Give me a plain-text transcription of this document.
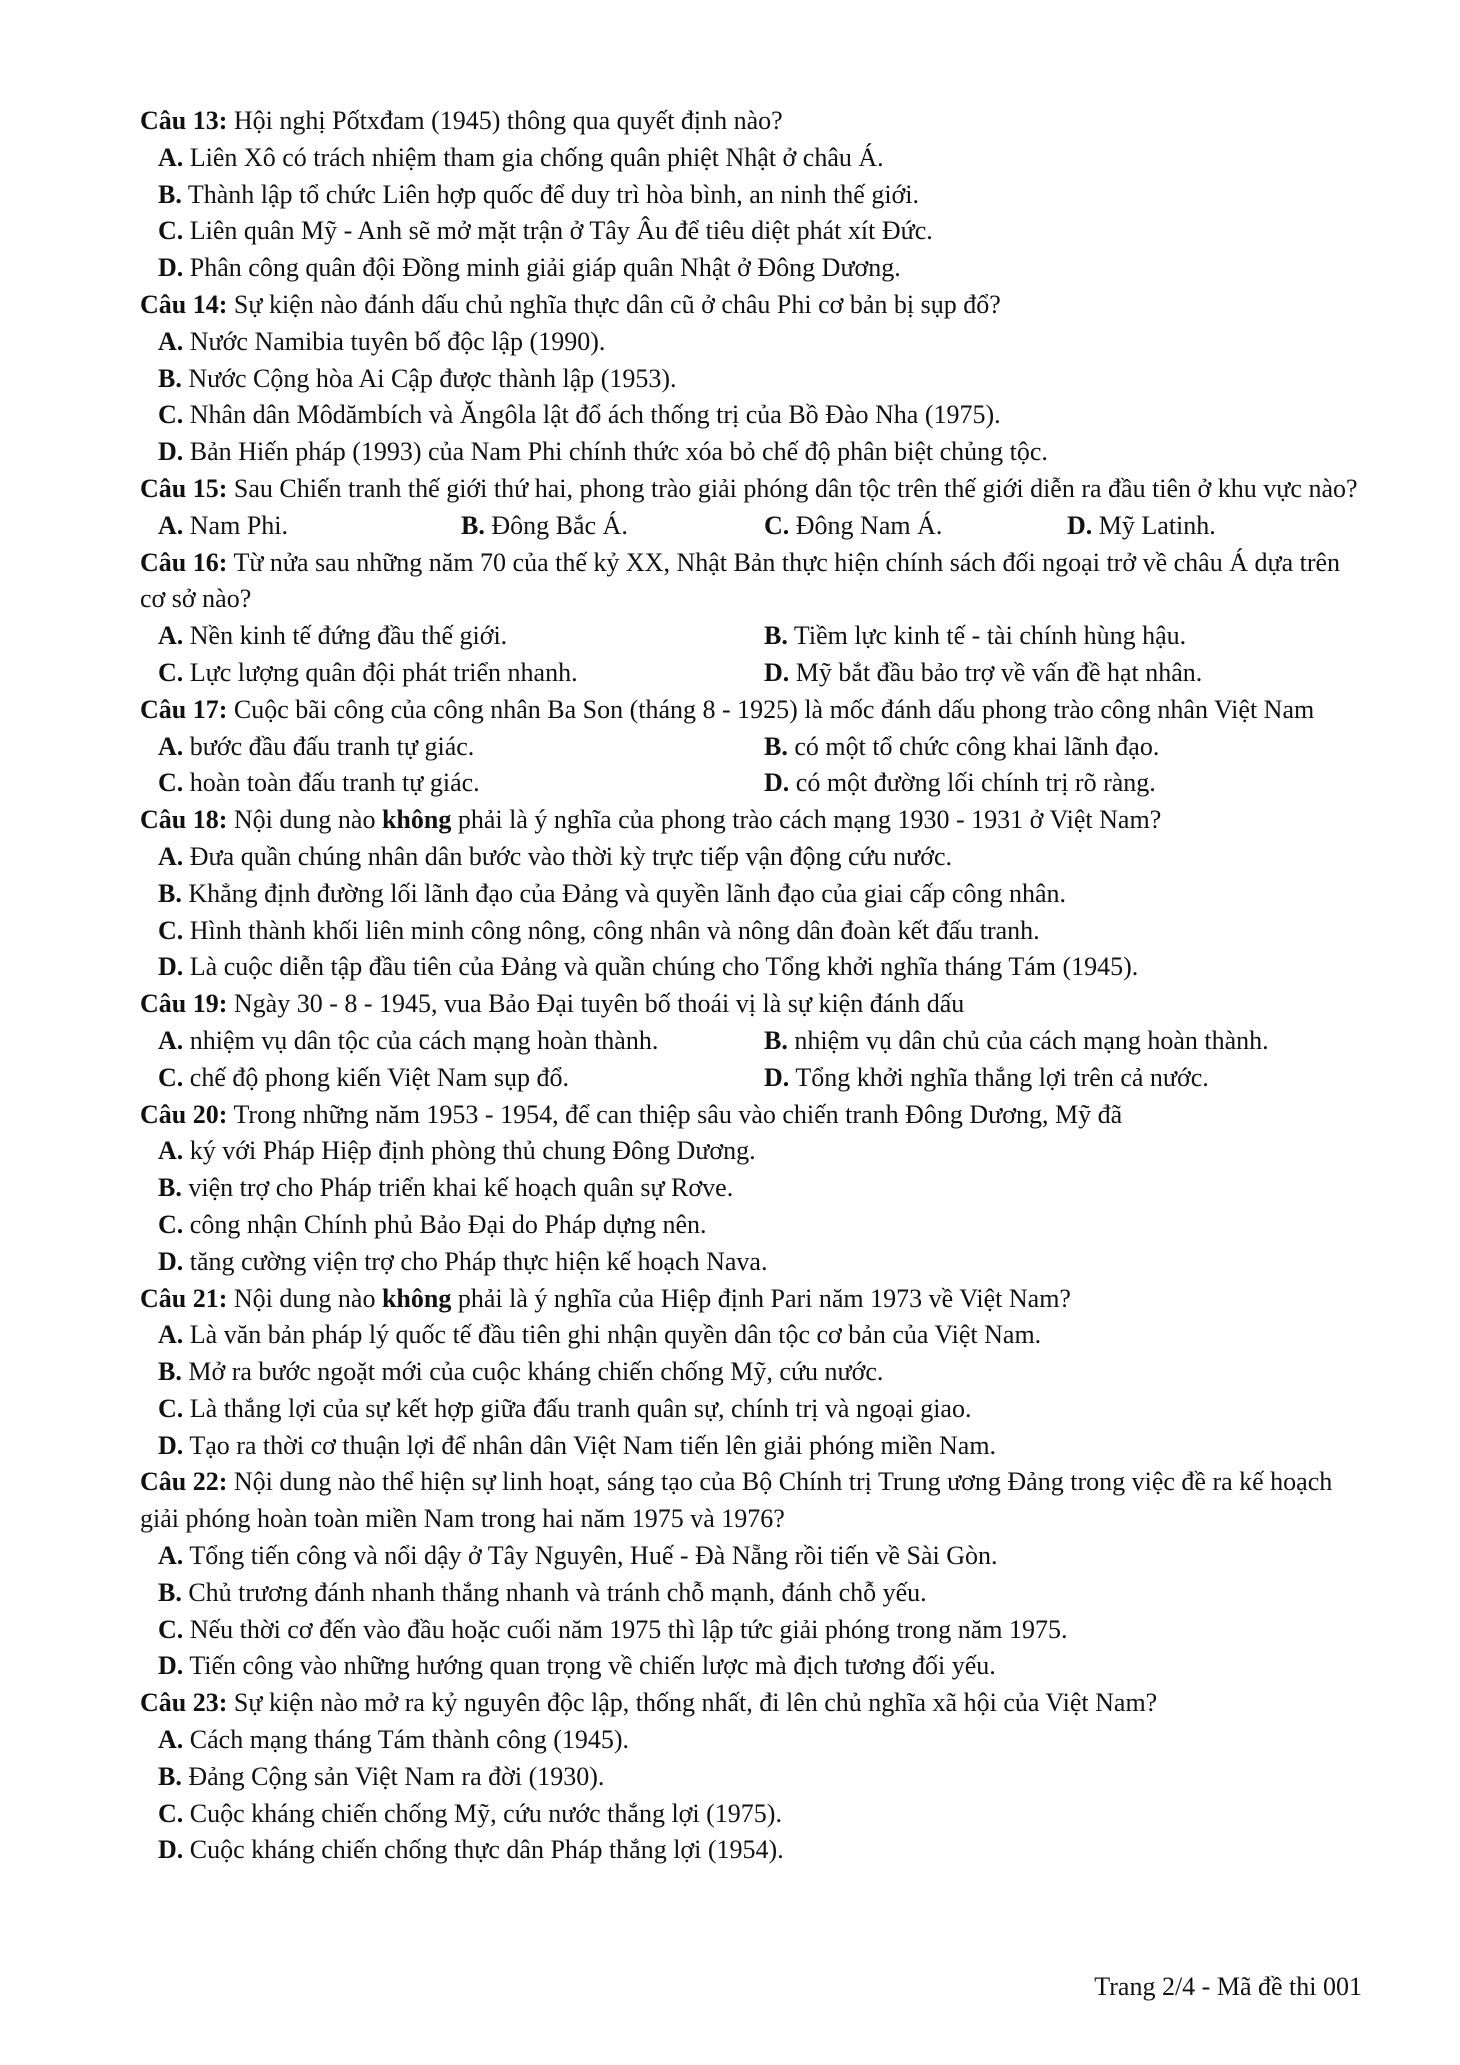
Câu 13: Hội nghị Pốtxđam (1945) thông qua quyết định nào?
A. Liên Xô có trách nhiệm tham gia chống quân phiệt Nhật ở châu Á.
B. Thành lập tổ chức Liên hợp quốc để duy trì hòa bình, an ninh thế giới.
C. Liên quân Mỹ - Anh sẽ mở mặt trận ở Tây Âu để tiêu diệt phát xít Đức.
D. Phân công quân đội Đồng minh giải giáp quân Nhật ở Đông Dương.
Câu 14: Sự kiện nào đánh dấu chủ nghĩa thực dân cũ ở châu Phi cơ bản bị sụp đổ?
A. Nước Namibia tuyên bố độc lập (1990).
B. Nước Cộng hòa Ai Cập được thành lập (1953).
C. Nhân dân Môdămbích và Ăngôla lật đổ ách thống trị của Bồ Đào Nha (1975).
D. Bản Hiến pháp (1993) của Nam Phi chính thức xóa bỏ chế độ phân biệt chủng tộc.
Câu 15: Sau Chiến tranh thế giới thứ hai, phong trào giải phóng dân tộc trên thế giới diễn ra đầu tiên ở khu vực nào?
A. Nam Phi.	B. Đông Bắc Á.	C. Đông Nam Á.	D. Mỹ Latinh.
Câu 16: Từ nửa sau những năm 70 của thế kỷ XX, Nhật Bản thực hiện chính sách đối ngoại trở về châu Á dựa trên cơ sở nào?
A. Nền kinh tế đứng đầu thế giới.	B. Tiềm lực kinh tế - tài chính hùng hậu.
C. Lực lượng quân đội phát triển nhanh.	D. Mỹ bắt đầu bảo trợ về vấn đề hạt nhân.
Câu 17: Cuộc bãi công của công nhân Ba Son (tháng 8 - 1925) là mốc đánh dấu phong trào công nhân Việt Nam
A. bước đầu đấu tranh tự giác.	B. có một tổ chức công khai lãnh đạo.
C. hoàn toàn đấu tranh tự giác.	D. có một đường lối chính trị rõ ràng.
Câu 18: Nội dung nào không phải là ý nghĩa của phong trào cách mạng 1930 - 1931 ở Việt Nam?
A. Đưa quần chúng nhân dân bước vào thời kỳ trực tiếp vận động cứu nước.
B. Khẳng định đường lối lãnh đạo của Đảng và quyền lãnh đạo của giai cấp công nhân.
C. Hình thành khối liên minh công nông, công nhân và nông dân đoàn kết đấu tranh.
D. Là cuộc diễn tập đầu tiên của Đảng và quần chúng cho Tổng khởi nghĩa tháng Tám (1945).
Câu 19: Ngày 30 - 8 - 1945, vua Bảo Đại tuyên bố thoái vị là sự kiện đánh dấu
A. nhiệm vụ dân tộc của cách mạng hoàn thành.	B. nhiệm vụ dân chủ của cách mạng hoàn thành.
C. chế độ phong kiến Việt Nam sụp đổ.	D. Tổng khởi nghĩa thắng lợi trên cả nước.
Câu 20: Trong những năm 1953 - 1954, để can thiệp sâu vào chiến tranh Đông Dương, Mỹ đã
A. ký với Pháp Hiệp định phòng thủ chung Đông Dương.
B. viện trợ cho Pháp triển khai kế hoạch quân sự Rơve.
C. công nhận Chính phủ Bảo Đại do Pháp dựng nên.
D. tăng cường viện trợ cho Pháp thực hiện kế hoạch Nava.
Câu 21: Nội dung nào không phải là ý nghĩa của Hiệp định Pari năm 1973 về Việt Nam?
A. Là văn bản pháp lý quốc tế đầu tiên ghi nhận quyền dân tộc cơ bản của Việt Nam.
B. Mở ra bước ngoặt mới của cuộc kháng chiến chống Mỹ, cứu nước.
C. Là thắng lợi của sự kết hợp giữa đấu tranh quân sự, chính trị và ngoại giao.
D. Tạo ra thời cơ thuận lợi để nhân dân Việt Nam tiến lên giải phóng miền Nam.
Câu 22: Nội dung nào thể hiện sự linh hoạt, sáng tạo của Bộ Chính trị Trung ương Đảng trong việc đề ra kế hoạch giải phóng hoàn toàn miền Nam trong hai năm 1975 và 1976?
A. Tổng tiến công và nổi dậy ở Tây Nguyên, Huế - Đà Nẵng rồi tiến về Sài Gòn.
B. Chủ trương đánh nhanh thắng nhanh và tránh chỗ mạnh, đánh chỗ yếu.
C. Nếu thời cơ đến vào đầu hoặc cuối năm 1975 thì lập tức giải phóng trong năm 1975.
D. Tiến công vào những hướng quan trọng về chiến lược mà địch tương đối yếu.
Câu 23: Sự kiện nào mở ra kỷ nguyên độc lập, thống nhất, đi lên chủ nghĩa xã hội của Việt Nam?
A. Cách mạng tháng Tám thành công (1945).
B. Đảng Cộng sản Việt Nam ra đời (1930).
C. Cuộc kháng chiến chống Mỹ, cứu nước thắng lợi (1975).
D. Cuộc kháng chiến chống thực dân Pháp thắng lợi (1954).
Trang 2/4 - Mã đề thi 001
